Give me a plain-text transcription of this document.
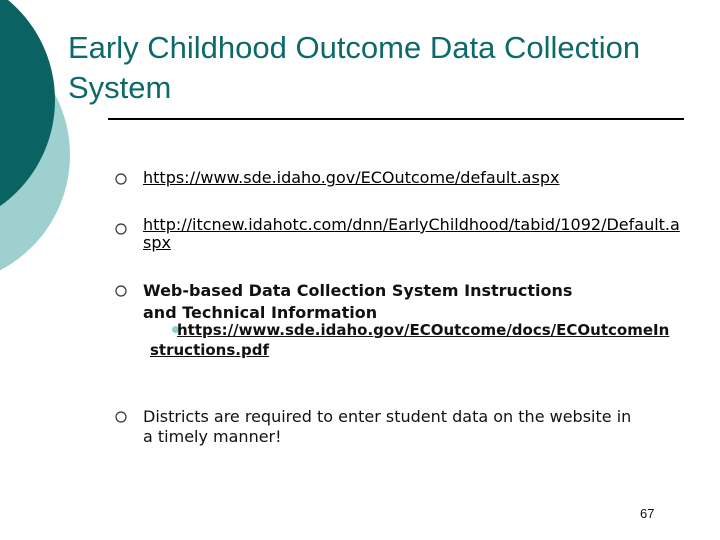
Early Childhood Outcome Data Collection System
https://www.sde.idaho.gov/ECOutcome/default.aspx
http://itcnew.idahotc.com/dnn/EarlyChildhood/tabid/1092/Default.aspx
Web-based Data Collection System Instructions and Technical Information
https://www.sde.idaho.gov/ECOutcome/docs/ECOutcomeInstructions.pdf
Districts are required to enter student data on the website in a timely manner!
67
